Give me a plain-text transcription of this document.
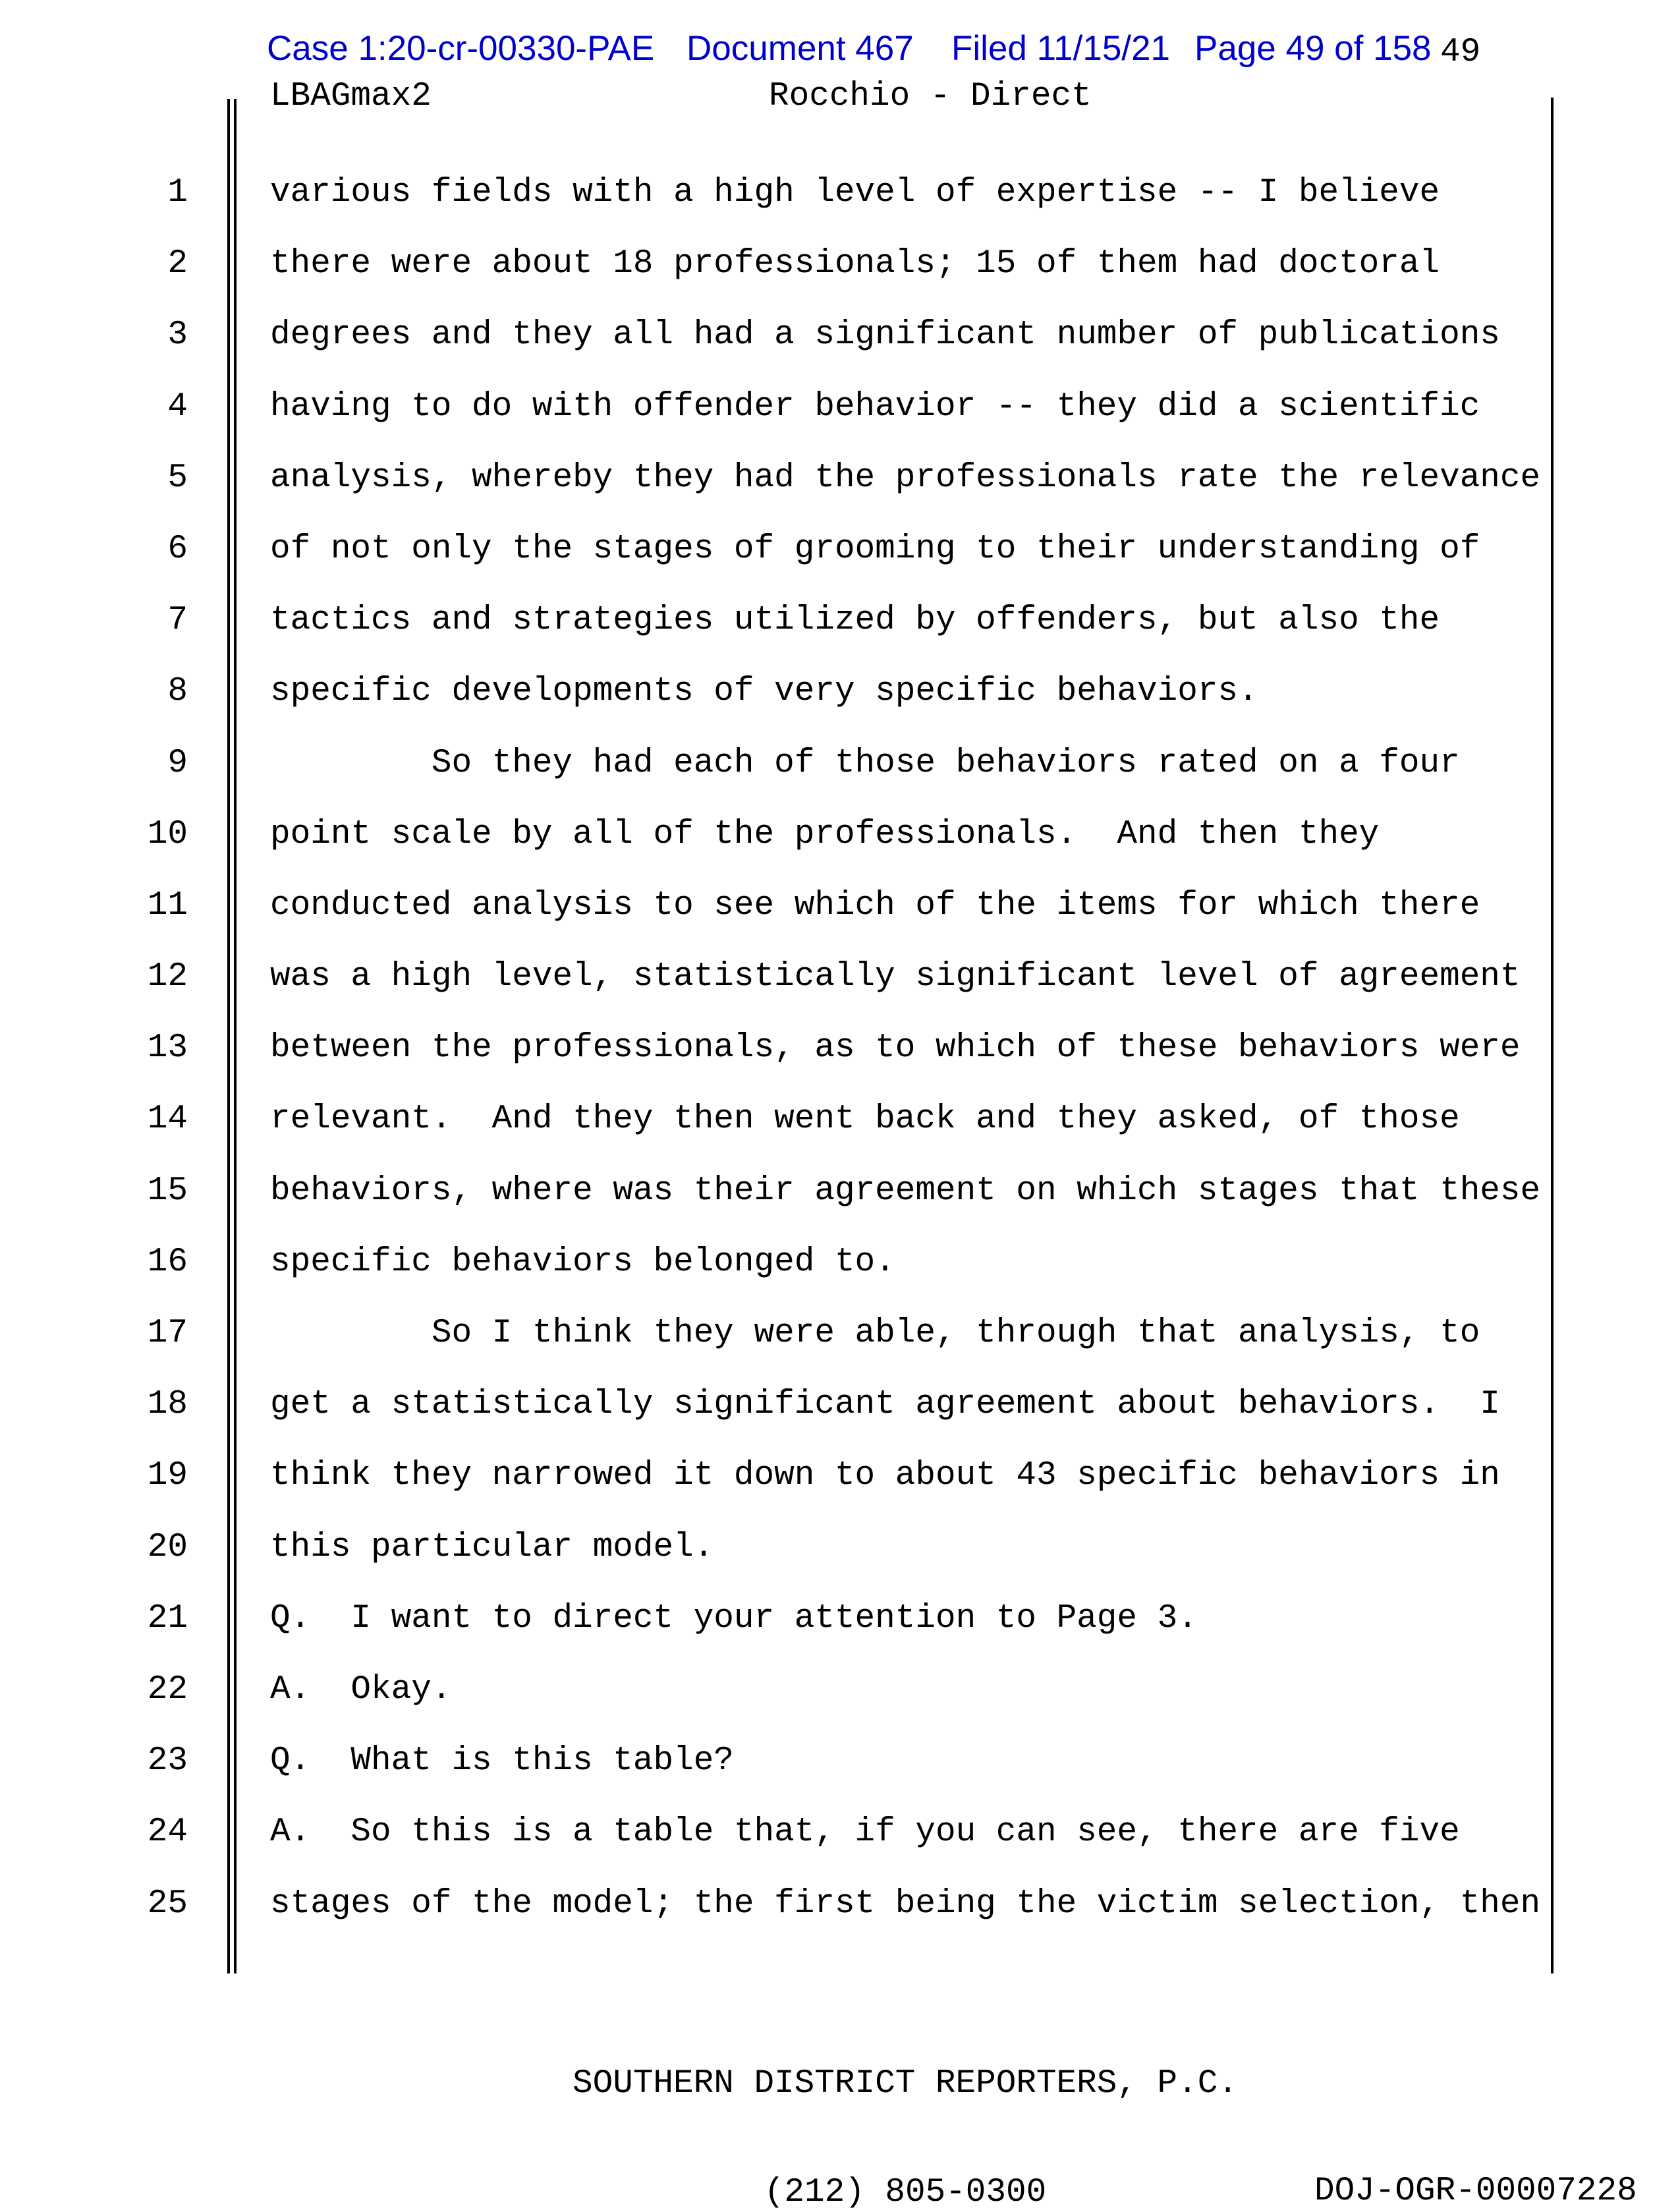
Case 1:20-cr-00330-PAE Document 467 Filed 11/15/21 Page 49 of 158 49
LBAGmax2	Rocchio - Direct
1
2
3
4
5
6
7
8
9
10
11
12
13
14
15
16
17
18
19
20
21
22
23
24
25
various fields with a high level of expertise -- I believe
there were about 18 professionals; 15 of them had doctoral
degrees and they all had a significant number of publications
having to do with offender behavior -- they did a scientific
analysis, whereby they had the professionals rate the relevance
of not only the stages of grooming to their understanding of
tactics and strategies utilized by offenders, but also the
specific developments of very specific behaviors.
So they had each of those behaviors rated on a four
point scale by all of the professionals.  And then they
conducted analysis to see which of the items for which there
was a high level, statistically significant level of agreement
between the professionals, as to which of these behaviors were
relevant.  And they then went back and they asked, of those
behaviors, where was their agreement on which stages that these
specific behaviors belonged to.
So I think they were able, through that analysis, to
get a statistically significant agreement about behaviors.  I
think they narrowed it down to about 43 specific behaviors in
this particular model.
Q.  I want to direct your attention to Page 3.
A.  Okay.
Q.  What is this table?
A.  So this is a table that, if you can see, there are five
stages of the model; the first being the victim selection, then

SOUTHERN DISTRICT REPORTERS, P.C.

(212) 805-0300

	DOJ-OGR-00007228
